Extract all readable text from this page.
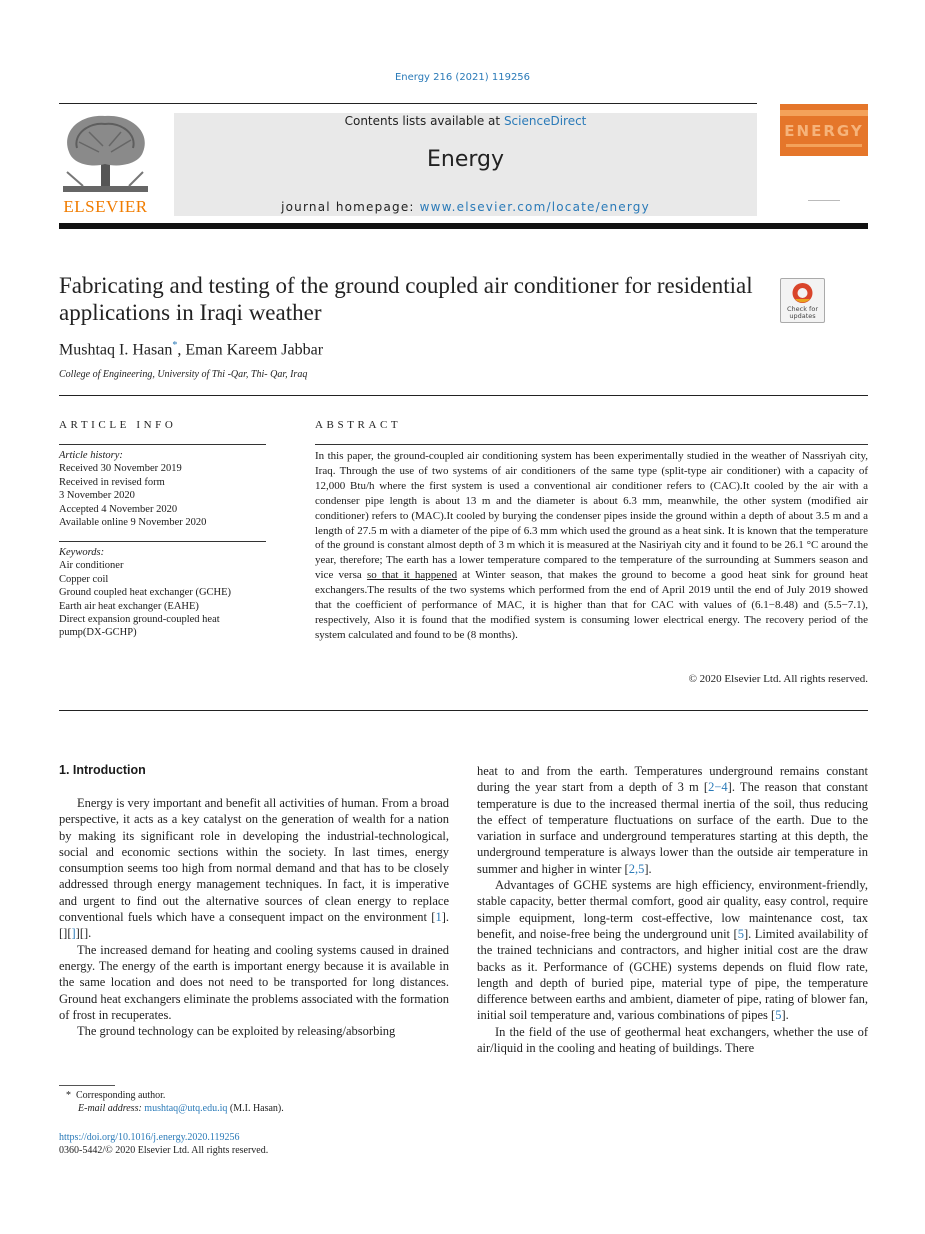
Energy 216 (2021) 119256
ELSEVIER
Contents lists available at ScienceDirect
Energy
journal homepage: www.elsevier.com/locate/energy
ENERGY
Fabricating and testing of the ground coupled air conditioner for residential applications in Iraqi weather	Check for updates
Mushtaq I. Hasan*, Eman Kareem Jabbar
College of Engineering, University of Thi -Qar, Thi- Qar, Iraq
ARTICLE INFO
Article history:
Received 30 November 2019
Received in revised form
3 November 2020
Accepted 4 November 2020
Available online 9 November 2020
Keywords:
Air conditioner
Copper coil
Ground coupled heat exchanger (GCHE)
Earth air heat exchanger (EAHE)
Direct expansion ground-coupled heat
pump(DX-GCHP)
ABSTRACT
In this paper, the ground-coupled air conditioning system has been experimentally studied in the weather of Nassriyah city, Iraq. Through the use of two systems of air conditioners of the same type (split-type air conditioner) with a capacity of 12,000 Btu/h where the first system is used a conventional air conditioner refers to (CAC).It cooled by the air with a condenser pipe length is about 13 m and the diameter is about 6.3 mm, meanwhile, the other system (modified air conditioner) refers to (MAC).It cooled by burying the condenser pipes inside the ground within a depth of about 3.5 m and a length of 27.5 m with a diameter of the pipe of 6.3 mm which used the ground as a heat sink. It is known that the temperature of the ground is constant almost depth of 3 m which it is measured at the Nasiriyah city and it found to be 26.1 °C around the year, therefore; The earth has a lower temperature compared to the temperature of the surrounding at Summers season and vice versa so that it happened at Winter season, that makes the ground to become a good heat sink for ground heat exchangers.The results of the two systems which performed from the end of April 2019 until the end of July 2019 showed that the coefficient of performance of MAC, it is higher than that for CAC with values of (6.1−8.48) and (5.5−7.1), respectively, Also it is found that the modified system is consuming lower electrical energy. The recovery period of the system calculated and found to be (8 months).
© 2020 Elsevier Ltd. All rights reserved.
1. Introduction

Energy is very important and benefit all activities of human. From a broad perspective, it acts as a key catalyst on the generation of wealth for a nation by making its significant role in developing the industrial-technological, social and economic sections within the society. In last times, energy consumption seems too high from normal demand and that has to be closely addressed through energy management techniques. In fact, it is imperative and urgent to find out the alternative sources of clean energy to replace conventional fuels which have a consequent impact on the environment [1]. [][]][].

The increased demand for heating and cooling systems caused in drained energy. The energy of the earth is important energy because it is available in the same location and does not need to be transported for long distances. Ground heat exchangers eliminate the problems associated with the formation of frost in recuperates.

The ground technology can be exploited by releasing/absorbing

heat to and from the earth. Temperatures underground remains constant during the year start from a depth of 3 m [2−4]. The reason that constant temperature is due to the increased thermal inertia of the soil, thus reducing the effect of temperature fluctuations on surface of the earth. Due to the variation in surface and underground temperatures starting at this depth, the underground temperature is always lower than the outside air temperature in summer and higher in winter [2,5].

Advantages of GCHE systems are high efficiency, environment-friendly, stable capacity, better thermal comfort, good air quality, easy control, require simple equipment, long-term cost-effective, low maintenance cost, tax benefit, and noise-free being the underground unit [5]. Limited availability of the trained technicians and contractors, and higher initial cost are the draw backs as it. Performance of (GCHE) systems depends on fluid flow rate, length and depth of buried pipe, material type of pipe, the temperature difference between earths and ambient, diameter of pipe, rating of blower fan, initial soil temperature and, various combinations of pipes [5].

In the field of the use of geothermal heat exchangers, whether the use of air/liquid in the cooling and heating of buildings. There

* Corresponding author.
E-mail address: mushtaq@utq.edu.iq (M.I. Hasan).
https://doi.org/10.1016/j.energy.2020.119256
0360-5442/© 2020 Elsevier Ltd. All rights reserved.
